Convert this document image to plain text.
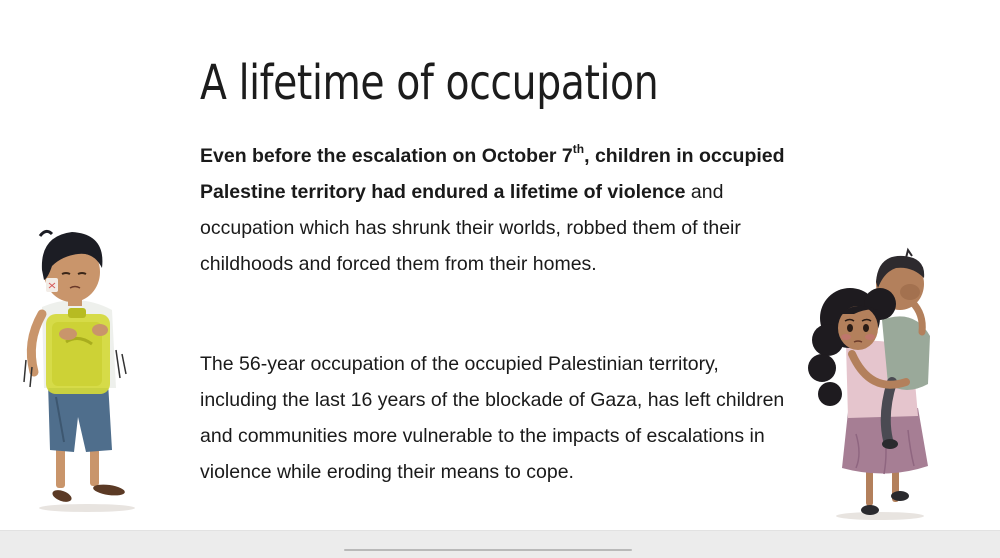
A lifetime of occupation

Even before the escalation on October 7th, children in occupied Palestine territory had endured a lifetime of violence and occupation which has shrunk their worlds, robbed them of their childhoods and forced them from their homes.

The 56-year occupation of the occupied Palestinian territory, including the last 16 years of the blockade of Gaza, has left children and communities more vulnerable to the impacts of escalations in violence while eroding their means to cope.
